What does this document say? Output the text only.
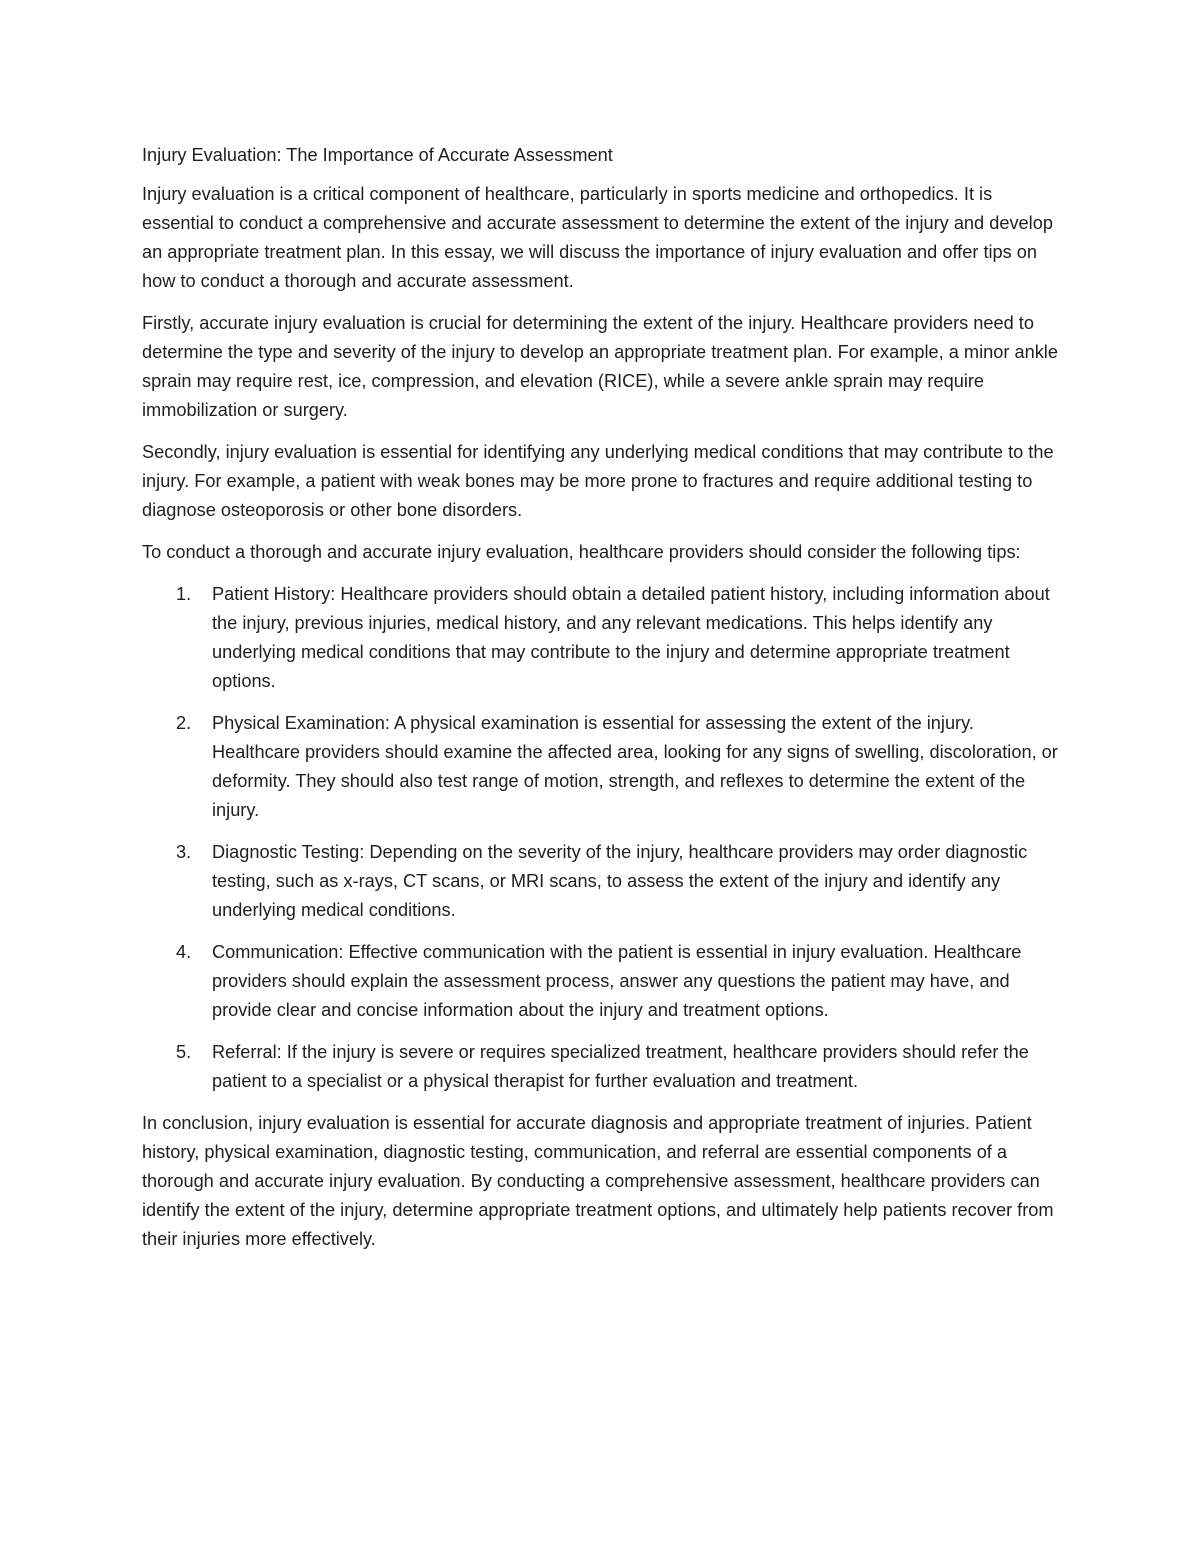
Injury Evaluation: The Importance of Accurate Assessment

Injury evaluation is a critical component of healthcare, particularly in sports medicine and orthopedics. It is essential to conduct a comprehensive and accurate assessment to determine the extent of the injury and develop an appropriate treatment plan. In this essay, we will discuss the importance of injury evaluation and offer tips on how to conduct a thorough and accurate assessment.

Firstly, accurate injury evaluation is crucial for determining the extent of the injury. Healthcare providers need to determine the type and severity of the injury to develop an appropriate treatment plan. For example, a minor ankle sprain may require rest, ice, compression, and elevation (RICE), while a severe ankle sprain may require immobilization or surgery.

Secondly, injury evaluation is essential for identifying any underlying medical conditions that may contribute to the injury. For example, a patient with weak bones may be more prone to fractures and require additional testing to diagnose osteoporosis or other bone disorders.

To conduct a thorough and accurate injury evaluation, healthcare providers should consider the following tips:

1.	Patient History: Healthcare providers should obtain a detailed patient history, including information about the injury, previous injuries, medical history, and any relevant medications. This helps identify any underlying medical conditions that may contribute to the injury and determine appropriate treatment options.
2.	Physical Examination: A physical examination is essential for assessing the extent of the injury. Healthcare providers should examine the affected area, looking for any signs of swelling, discoloration, or deformity. They should also test range of motion, strength, and reflexes to determine the extent of the injury.
3.	Diagnostic Testing: Depending on the severity of the injury, healthcare providers may order diagnostic testing, such as x-rays, CT scans, or MRI scans, to assess the extent of the injury and identify any underlying medical conditions.
4.	Communication: Effective communication with the patient is essential in injury evaluation. Healthcare providers should explain the assessment process, answer any questions the patient may have, and provide clear and concise information about the injury and treatment options.
5.	Referral: If the injury is severe or requires specialized treatment, healthcare providers should refer the patient to a specialist or a physical therapist for further evaluation and treatment.

In conclusion, injury evaluation is essential for accurate diagnosis and appropriate treatment of injuries. Patient history, physical examination, diagnostic testing, communication, and referral are essential components of a thorough and accurate injury evaluation. By conducting a comprehensive assessment, healthcare providers can identify the extent of the injury, determine appropriate treatment options, and ultimately help patients recover from their injuries more effectively.
